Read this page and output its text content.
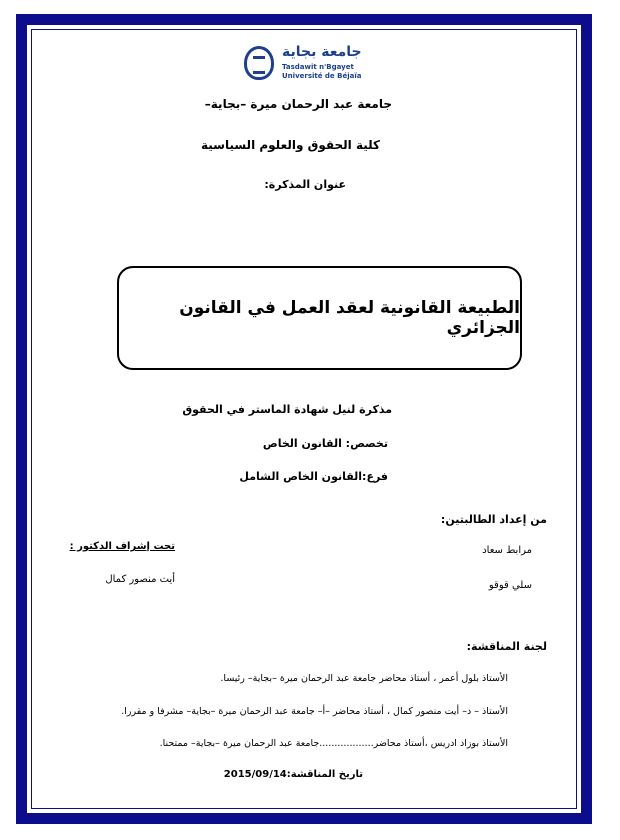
جامعة بجاية
Tasdawit n'Bgayet
Université de Béjaïa
جامعة عبد الرحمان ميرة –بجاية–
كلية الحقوق والعلوم السياسية
عنوان المذكرة:
الطبيعة القانونية لعقد العمل في القانون الجزائري
مذكرة لنيل شهادة الماستر في الحقوق
تخصص: القانون الخاص
فرع:القانون الخاص الشامل
من إعداد الطالبتين:
مرابط سعاد
سلي قوقو
تحت إشراف الدكتور :
أيت منصور كمال
لجنة المناقشة:
الأستاذ بلول أعمر ، أستاذ محاضر جامعة عبد الرحمان ميرة –بجاية– رئيسا.
الأستاذ – د– أيت منصور كمال ، أستاذ محاضر –أ– جامعة عبد الرحمان ميرة –بجاية– مشرفا و مقررا.
الأستاذ بوزاد ادريس ،أستاذ محاضر..................جامعة عبد الرحمان ميرة –بجاية– ممتحنا.
تاريخ المناقشة:2015/09/14
